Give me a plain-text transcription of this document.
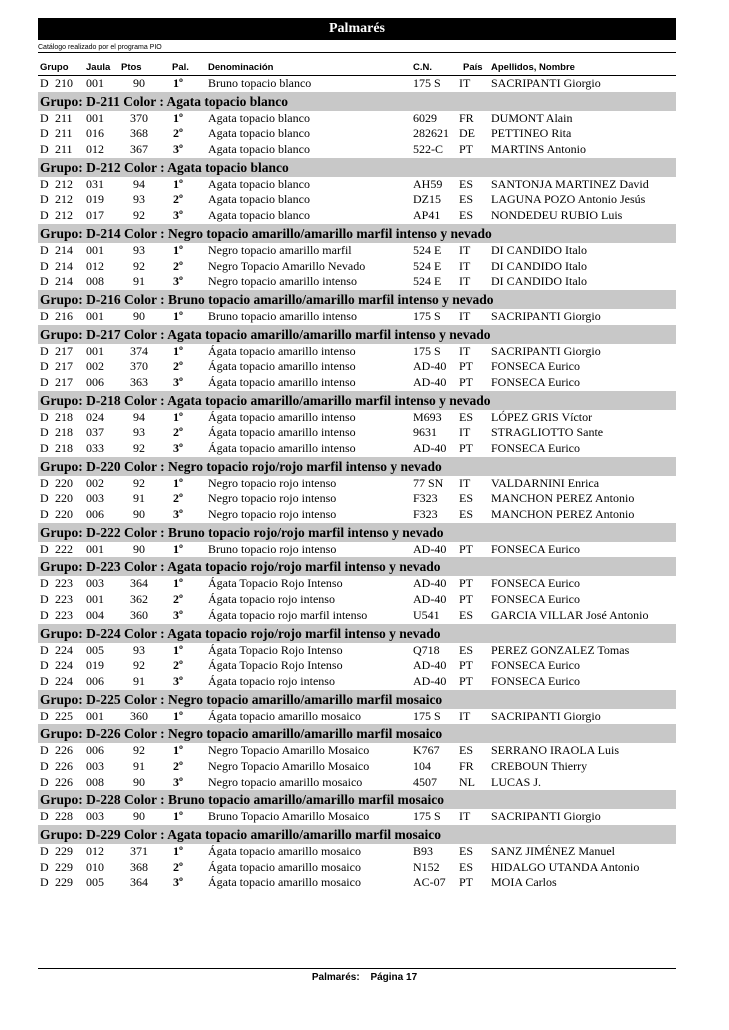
Palmarés
Catálogo realizado por el programa PIO
Grupo Jaula Ptos	Pal. Denominación	C.N.	País Apellidos, Nombre
D 210 001	90	1º Bruno topacio blanco	175 S IT SACRIPANTI Giorgio
Grupo: D-211 Color : Agata topacio blanco
D 211 001	370	1º Agata topacio blanco	6029 FR DUMONT Alain
D 211 016	368	2º Agata topacio blanco	282621 DE PETTINEO Rita
D 211 012	367	3º Agata topacio blanco	522-C PT MARTINS Antonio
Grupo: D-212 Color : Agata topacio blanco
D 212 031	94	1º Agata topacio blanco	AH59 ES SANTONJA MARTINEZ David
D 212 019	93	2º Agata topacio blanco	DZ15 ES LAGUNA POZO Antonio Jesús
D 212 017	92	3º Agata topacio blanco	AP41 ES NONDEDEU RUBIO Luis
Grupo: D-214 Color : Negro topacio amarillo/amarillo marfil intenso y nevado
D 214 001	93	1º Negro topacio amarillo marfil	524 E IT DI CANDIDO Italo
D 214 012	92	2º Negro Topacio Amarillo Nevado	524 E IT DI CANDIDO Italo
D 214 008	91	3º Negro topacio amarillo intenso	524 E IT DI CANDIDO Italo
Grupo: D-216 Color : Bruno topacio amarillo/amarillo marfil intenso y nevado
D 216 001	90	1º Bruno topacio amarillo intenso	175 S IT SACRIPANTI Giorgio
Grupo: D-217 Color : Agata topacio amarillo/amarillo marfil intenso y nevado
D 217 001	374	1º Ágata topacio amarillo intenso	175 S IT SACRIPANTI Giorgio
D 217 002	370	2º Ágata topacio amarillo intenso	AD-40 PT FONSECA Eurico
D 217 006	363	3º Ágata topacio amarillo intenso	AD-40 PT FONSECA Eurico
Grupo: D-218 Color : Agata topacio amarillo/amarillo marfil intenso y nevado
D 218 024	94	1º Ágata topacio amarillo intenso	M693 ES LÓPEZ GRIS Víctor
D 218 037	93	2º Ágata topacio amarillo intenso	9631 IT STRAGLIOTTO Sante
D 218 033	92	3º Ágata topacio amarillo intenso	AD-40 PT FONSECA Eurico
Grupo: D-220 Color : Negro topacio rojo/rojo marfil intenso y nevado
D 220 002	92	1º Negro topacio rojo intenso	77 SN IT VALDARNINI Enrica
D 220 003	91	2º Negro topacio rojo intenso	F323 ES MANCHON PEREZ Antonio
D 220 006	90	3º Negro topacio rojo intenso	F323 ES MANCHON PEREZ Antonio
Grupo: D-222 Color : Bruno topacio rojo/rojo marfil intenso y nevado
D 222 001	90	1º Bruno topacio rojo intenso	AD-40 PT FONSECA Eurico
Grupo: D-223 Color : Agata topacio rojo/rojo marfil intenso y nevado
D 223 003	364	1º Ágata Topacio Rojo Intenso	AD-40 PT FONSECA Eurico
D 223 001	362	2º Ágata topacio rojo intenso	AD-40 PT FONSECA Eurico
D 223 004	360	3º Ágata topacio rojo marfil intenso	U541 ES GARCIA VILLAR José Antonio
Grupo: D-224 Color : Agata topacio rojo/rojo marfil intenso y nevado
D 224 005	93	1º Ágata Topacio Rojo Intenso	Q718 ES PEREZ GONZALEZ Tomas
D 224 019	92	2º Ágata Topacio Rojo Intenso	AD-40 PT FONSECA Eurico
D 224 006	91	3º Ágata topacio rojo intenso	AD-40 PT FONSECA Eurico
Grupo: D-225 Color : Negro topacio amarillo/amarillo marfil mosaico
D 225 001	360	1º Ágata topacio amarillo mosaico	175 S IT SACRIPANTI Giorgio
Grupo: D-226 Color : Negro topacio amarillo/amarillo marfil mosaico
D 226 006	92	1º Negro Topacio Amarillo Mosaico	K767 ES SERRANO IRAOLA Luis
D 226 003	91	2º Negro Topacio Amarillo Mosaico	104 FR CREBOUN Thierry
D 226 008	90	3º Negro topacio amarillo mosaico	4507 NL LUCAS J.
Grupo: D-228 Color : Bruno topacio amarillo/amarillo marfil mosaico
D 228 003	90	1º Bruno Topacio Amarillo Mosaico	175 S IT SACRIPANTI Giorgio
Grupo: D-229 Color : Agata topacio amarillo/amarillo marfil mosaico
D 229 012	371	1º Ágata topacio amarillo mosaico	B93 ES SANZ JIMÉNEZ Manuel
D 229 010	368	2º Ágata topacio amarillo mosaico	N152 ES HIDALGO UTANDA Antonio
D 229 005	364	3º Ágata topacio amarillo mosaico	AC-07 PT MOIA Carlos
Palmarés: Página 17
